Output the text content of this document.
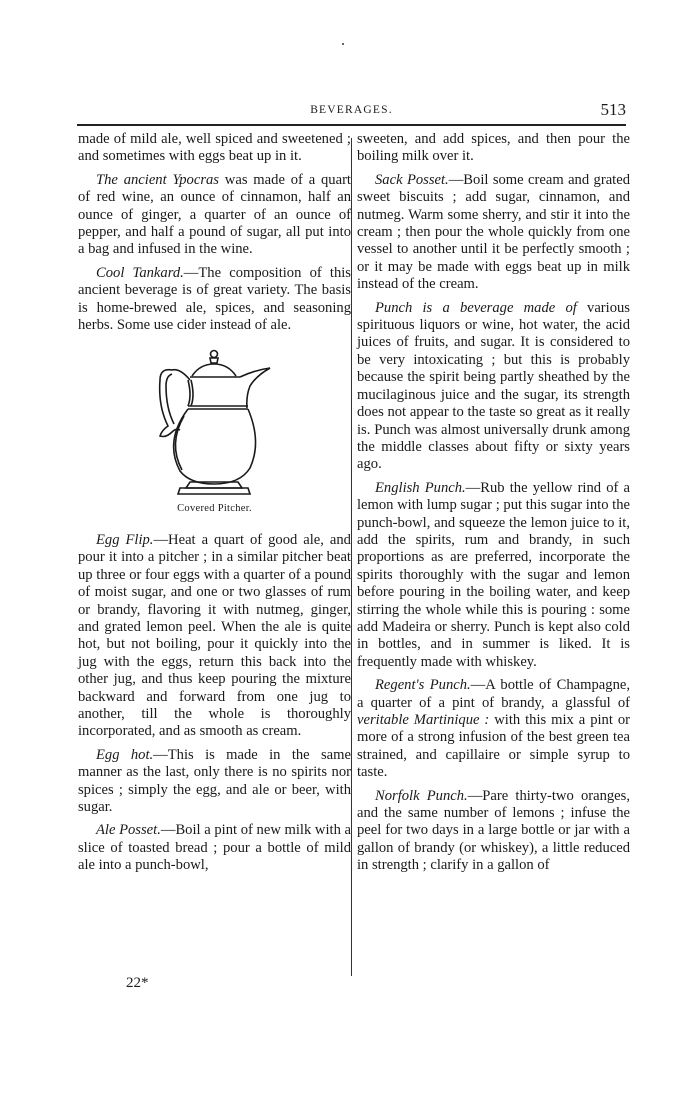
BEVERAGES.	513

made of mild ale, well spiced and sweetened ; and sometimes with eggs beat up in it.

The ancient Ypocras was made of a quart of red wine, an ounce of cinnamon, half an ounce of ginger, a quarter of an ounce of pepper, and half a pound of sugar, all put into a bag and infused in the wine.

Cool Tankard.—The composition of this ancient beverage is of great variety. The basis is home-brewed ale, spices, and seasoning herbs. Some use cider instead of ale.

Covered Pitcher.

Egg Flip.—Heat a quart of good ale, and pour it into a pitcher ; in a similar pitcher beat up three or four eggs with a quarter of a pound of moist sugar, and one or two glasses of rum or brandy, flavoring it with nutmeg, ginger, and grated lemon peel. When the ale is quite hot, but not boiling, pour it quickly into the jug with the eggs, return this back into the other jug, and thus keep pouring the mixture backward and forward from one jug to another, till the whole is thoroughly incorporated, and as smooth as cream.

Egg hot.—This is made in the same manner as the last, only there is no spirits nor spices ; simply the egg, and ale or beer, with sugar.

Ale Posset.—Boil a pint of new milk with a slice of toasted bread ; pour a bottle of mild ale into a punch-bowl,

sweeten, and add spices, and then pour the boiling milk over it.

Sack Posset.—Boil some cream and grated sweet biscuits ; add sugar, cinnamon, and nutmeg. Warm some sherry, and stir it into the cream ; then pour the whole quickly from one vessel to another until it be perfectly smooth ; or it may be made with eggs beat up in milk instead of the cream.

Punch is a beverage made of various spirituous liquors or wine, hot water, the acid juices of fruits, and sugar. It is considered to be very intoxicating ; but this is probably because the spirit being partly sheathed by the mucilaginous juice and the sugar, its strength does not appear to the taste so great as it really is. Punch was almost universally drunk among the middle classes about fifty or sixty years ago.

English Punch.—Rub the yellow rind of a lemon with lump sugar ; put this sugar into the punch-bowl, and squeeze the lemon juice to it, add the spirits, rum and brandy, in such proportions as are preferred, incorporate the spirits thoroughly with the sugar and lemon before pouring in the boiling water, and keep stirring the whole while this is pouring : some add Madeira or sherry. Punch is kept also cold in bottles, and in summer is liked. It is frequently made with whiskey.

Regent's Punch.—A bottle of Champagne, a quarter of a pint of brandy, a glassful of veritable Martinique : with this mix a pint or more of a strong infusion of the best green tea strained, and capillaire or simple syrup to taste.

Norfolk Punch.—Pare thirty-two oranges, and the same number of lemons ; infuse the peel for two days in a large bottle or jar with a gallon of brandy (or whiskey), a little reduced in strength ; clarify in a gallon of

22*
